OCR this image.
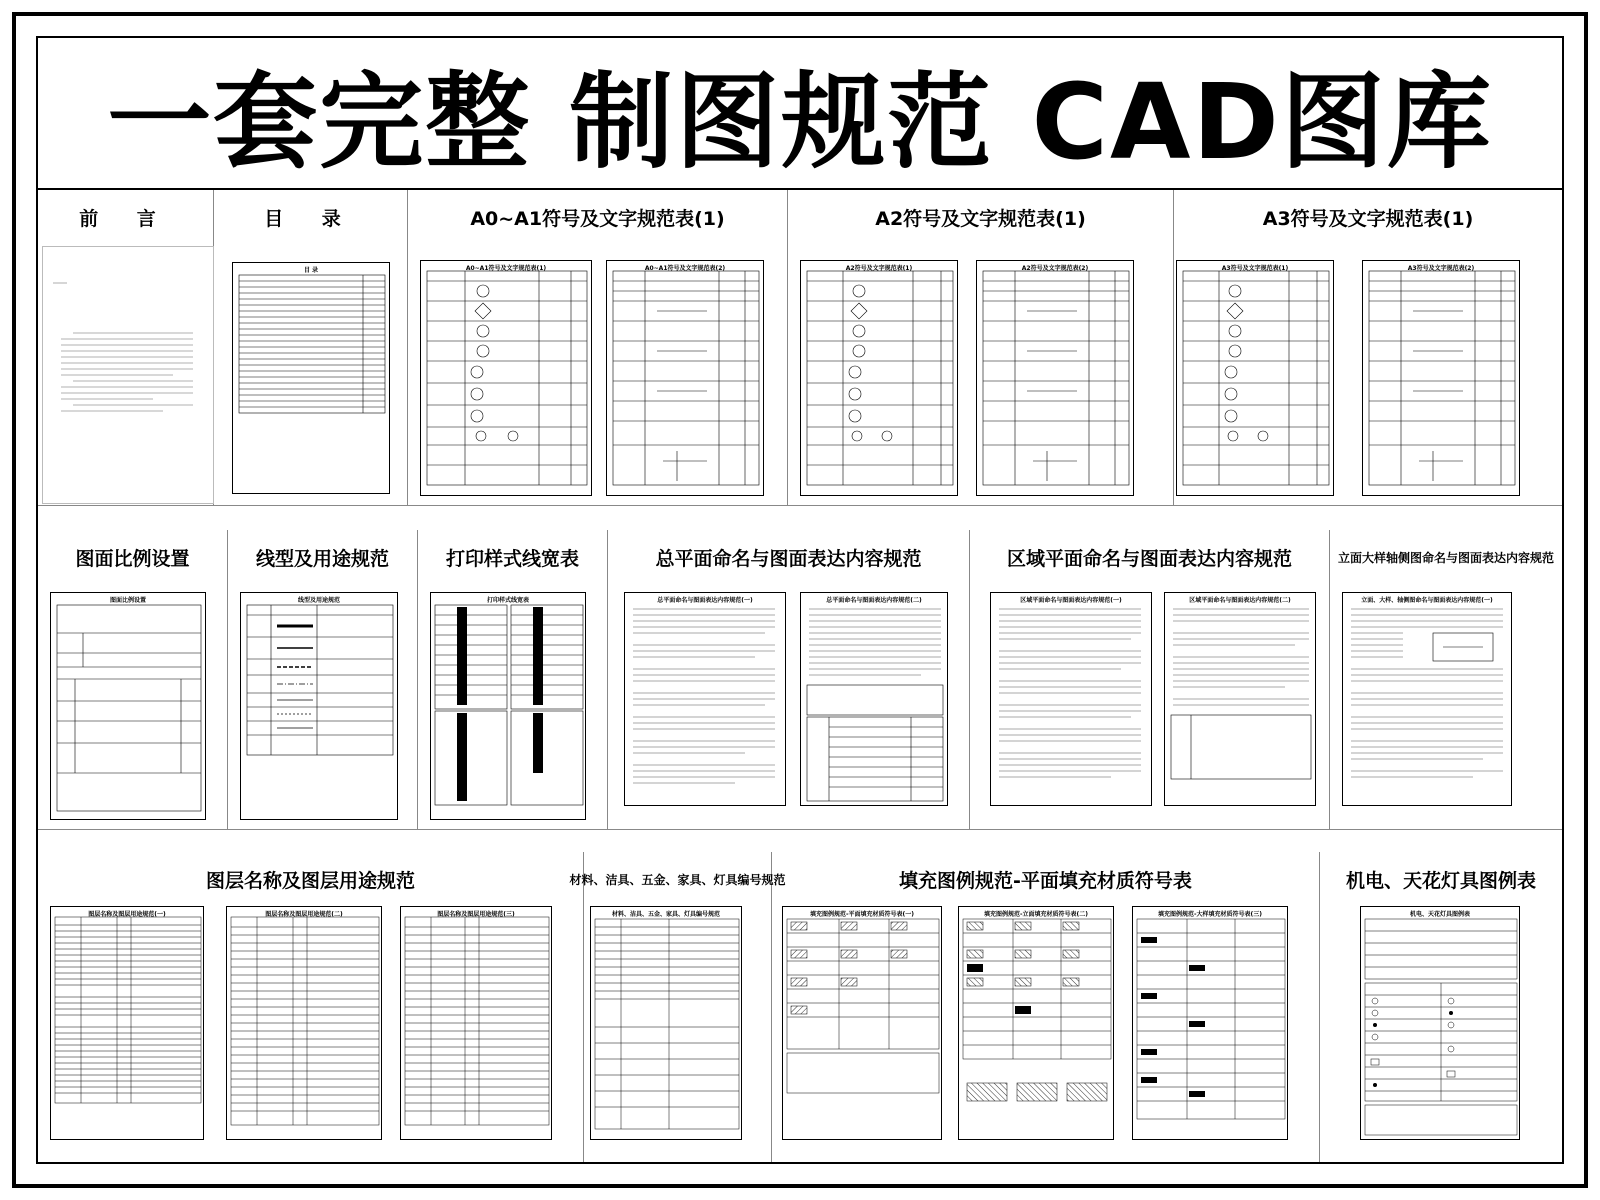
一套完整 制图规范 CAD图库
前 言	目 录	A0~A1符号及文字规范表(1)	A2符号及文字规范表(1)	A3符号及文字规范表(1)
图面比例设置	线型及用途规范	打印样式线宽表	总平面命名与图面表达内容规范	区域平面命名与图面表达内容规范	立面大样轴侧图命名与图面表达内容规范
图层名称及图层用途规范	材料、洁具、五金、家具、灯具编号规范	填充图例规范-平面填充材质符号表	机电、天花灯具图例表
目 录	A0~A1符号及文字规范表(1)	A0~A1符号及文字规范表(2)	A2符号及文字规范表(1)	A2符号及文字规范表(2)	A3符号及文字规范表(1)	A3符号及文字规范表(2)
图面比例设置	线型及用途规范	打印样式线宽表	总平面命名与图面表达内容规范(一)	总平面命名与图面表达内容规范(二)	区域平面命名与图面表达内容规范(一)	区域平面命名与图面表达内容规范(二)	立面、大样、轴侧图命名与图面表达内容规范(一)
图层名称及图层用途规范(一)	图层名称及图层用途规范(二)	图层名称及图层用途规范(三)	材料、洁具、五金、家具、灯具编号规范	填充图例规范-平面填充材质符号表(一)	填充图例规范-立面填充材质符号表(二)	填充图例规范-大样填充材质符号表(三)	机电、天花灯具图例表
